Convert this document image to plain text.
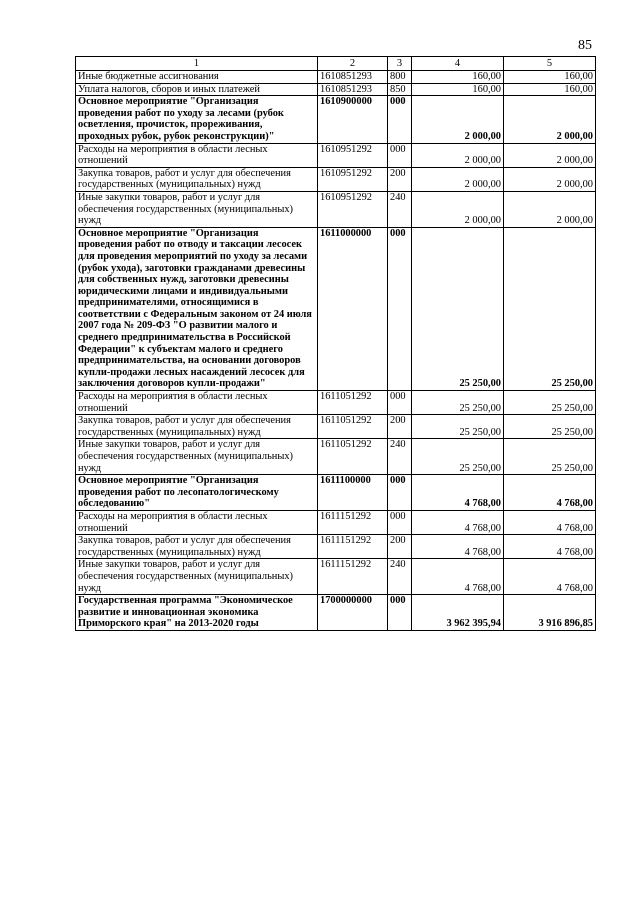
85
1	2	3	4	5
Иные бюджетные ассигнования	1610851293	800	160,00	160,00
Уплата налогов, сборов и иных платежей	1610851293	850	160,00	160,00
Основное мероприятие "Организация проведения работ по уходу за лесами (рубок осветления, прочисток, прореживания, проходных рубок, рубок реконструкции)"	1610900000	000	2 000,00	2 000,00
Расходы на мероприятия в области лесных отношений	1610951292	000	2 000,00	2 000,00
Закупка товаров, работ и услуг для обеспечения государственных (муниципальных) нужд	1610951292	200	2 000,00	2 000,00
Иные закупки товаров, работ и услуг для обеспечения государственных (муниципальных) нужд	1610951292	240	2 000,00	2 000,00
Основное мероприятие "Организация проведения работ по отводу и таксации лесосек для проведения мероприятий по уходу за лесами (рубок ухода), заготовки гражданами древесины для собственных нужд, заготовки древесины юридическими лицами и индивидуальными предпринимателями, относящимися в соответствии с Федеральным законом от 24 июля 2007 года № 209-ФЗ "О развитии малого и среднего предпринимательства в Российской Федерации" к субъектам малого и среднего предпринимательства, на основании договоров купли-продажи лесных насаждений лесосек для заключения договоров купли-продажи"	1611000000	000	25 250,00	25 250,00
Расходы на мероприятия в области лесных отношений	1611051292	000	25 250,00	25 250,00
Закупка товаров, работ и услуг для обеспечения государственных (муниципальных) нужд	1611051292	200	25 250,00	25 250,00
Иные закупки товаров, работ и услуг для обеспечения государственных (муниципальных) нужд	1611051292	240	25 250,00	25 250,00
Основное мероприятие "Организация проведения работ по лесопатологическому обследованию"	1611100000	000	4 768,00	4 768,00
Расходы на мероприятия в области лесных отношений	1611151292	000	4 768,00	4 768,00
Закупка товаров, работ и услуг для обеспечения государственных (муниципальных) нужд	1611151292	200	4 768,00	4 768,00
Иные закупки товаров, работ и услуг для обеспечения государственных (муниципальных) нужд	1611151292	240	4 768,00	4 768,00
Государственная программа "Экономическое развитие и инновационная экономика Приморского края" на 2013-2020 годы	1700000000	000	3 962 395,94	3 916 896,85
